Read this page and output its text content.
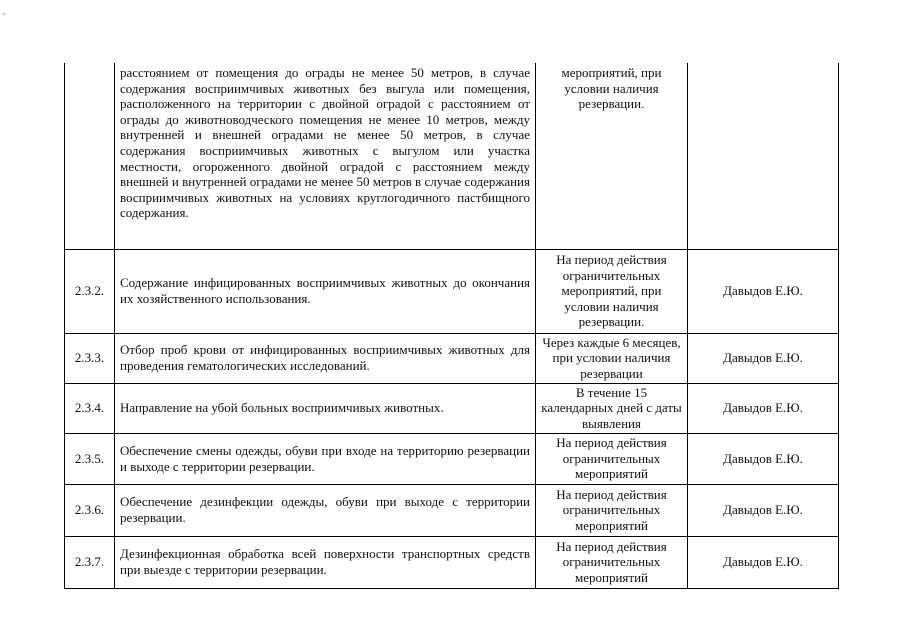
`
	расстоянием от помещения до ограды не менее 50 метров, в случае содержания восприимчивых животных без выгула или помещения, расположенного на территории с двойной оградой с расстоянием от ограды до животноводческого помещения не менее 10 метров, между внутренней и внешней оградами не менее 50 метров, в случае содержания восприимчивых животных с выгулом или участка местности, огороженного двойной оградой с расстоянием между внешней и внутренней оградами не менее 50 метров в случае содержания восприимчивых животных на условиях круглогодичного пастбищного содержания.	мероприятий, при условии наличия резервации.	
2.3.2.	Содержание инфицированных восприимчивых животных до окончания их хозяйственного использования.	На период действия ограничительных мероприятий, при условии наличия резервации.	Давыдов Е.Ю.
2.3.3.	Отбор проб крови от инфицированных восприимчивых животных для проведения гематологических исследований.	Через каждые 6 месяцев, при условии наличия резервации	Давыдов Е.Ю.
2.3.4.	Направление на убой больных восприимчивых животных.	В течение 15 календарных дней с даты выявления	Давыдов Е.Ю.
2.3.5.	Обеспечение смены одежды, обуви при входе на территорию резервации и выходе с территории резервации.	На период действия ограничительных мероприятий	Давыдов Е.Ю.
2.3.6.	Обеспечение дезинфекции одежды, обуви при выходе с территории резервации.	На период действия ограничительных мероприятий	Давыдов Е.Ю.
2.3.7.	Дезинфекционная обработка всей поверхности транспортных средств при выезде с территории резервации.	На период действия ограничительных мероприятий	Давыдов Е.Ю.
